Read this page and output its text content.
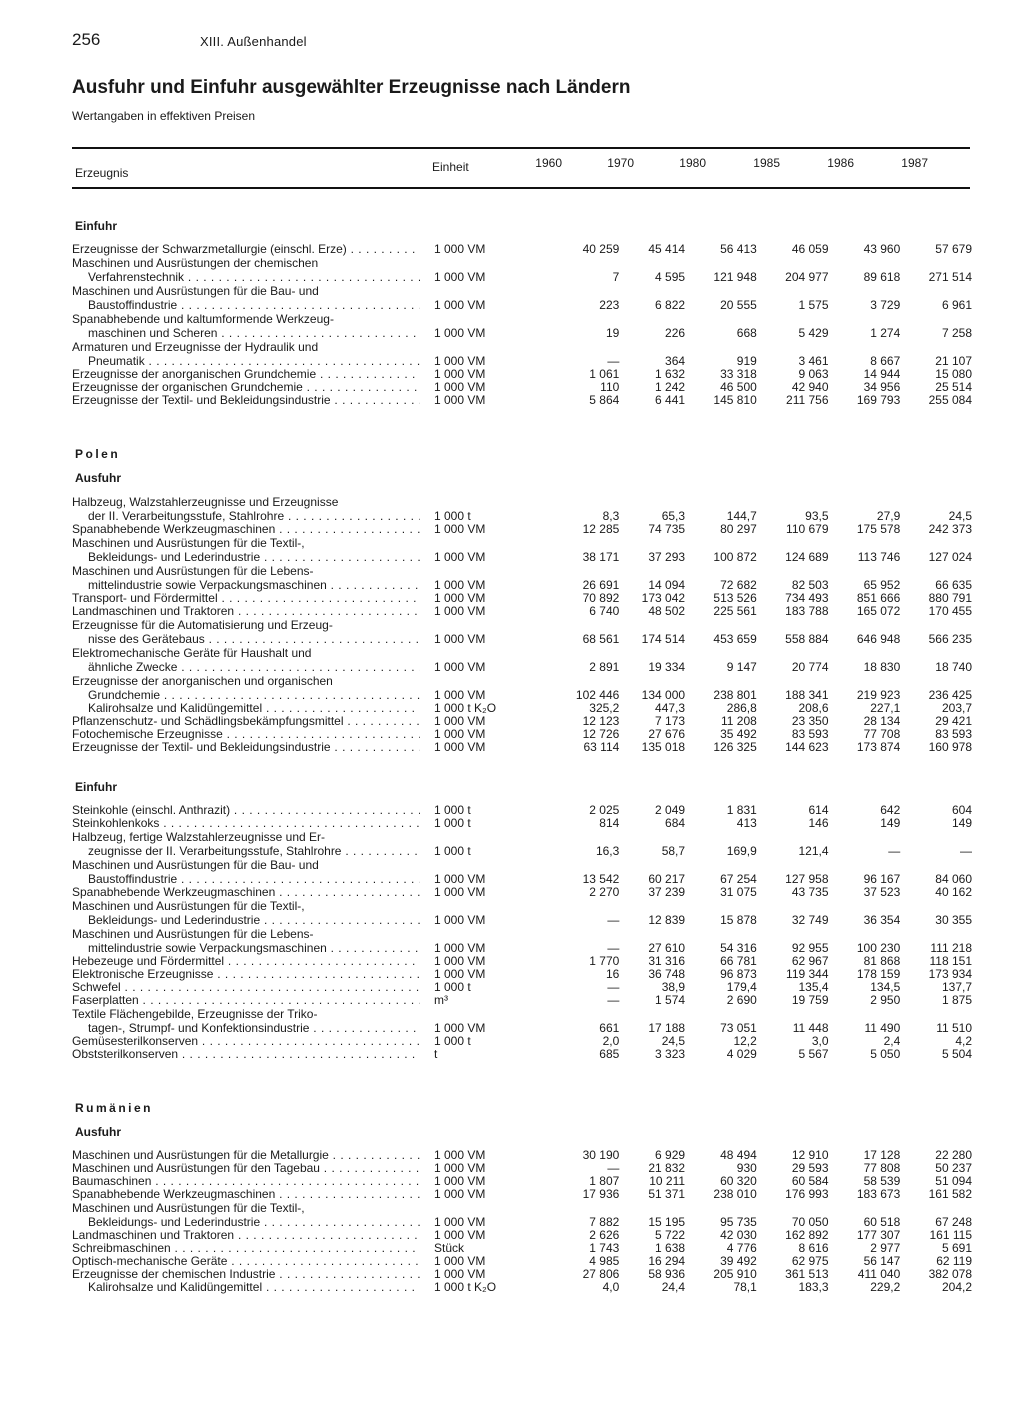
256	XIII. Außenhandel
Ausfuhr und Einfuhr ausgewählter Erzeugnisse nach Ländern
Wertangaben in effektiven Preisen
Erzeugnis	Einheit	1960	1970	1980	1985	1986	1987
Einfuhr
Erzeugnisse der Schwarzmetallurgie (einschl. Erze) . . .	1 000 VM	40 259	45 414	56 413	46 059	43 960	57 679
Maschinen und Ausrüstungen der chemischen
Verfahrenstechnik . . .	1 000 VM	7	4 595	121 948	204 977	89 618	271 514
Maschinen und Ausrüstungen für die Bau- und
Baustoffindustrie . . .	1 000 VM	223	6 822	20 555	1 575	3 729	6 961
Spanabhebende und kaltumformende Werkzeug-
maschinen und Scheren . . .	1 000 VM	19	226	668	5 429	1 274	7 258
Armaturen und Erzeugnisse der Hydraulik und
Pneumatik . . .	1 000 VM	—	364	919	3 461	8 667	21 107
Erzeugnisse der anorganischen Grundchemie . . .	1 000 VM	1 061	1 632	33 318	9 063	14 944	15 080
Erzeugnisse der organischen Grundchemie . . .	1 000 VM	110	1 242	46 500	42 940	34 956	25 514
Erzeugnisse der Textil- und Bekleidungsindustrie . . .	1 000 VM	5 864	6 441	145 810	211 756	169 793	255 084
Polen
Ausfuhr
Halbzeug, Walzstahlerzeugnisse und Erzeugnisse
der II. Verarbeitungsstufe, Stahlrohre . . .	1 000 t	8,3	65,3	144,7	93,5	27,9	24,5
Spanabhebende Werkzeugmaschinen . . .	1 000 VM	12 285	74 735	80 297	110 679	175 578	242 373
Maschinen und Ausrüstungen für die Textil-,
Bekleidungs- und Lederindustrie . . .	1 000 VM	38 171	37 293	100 872	124 689	113 746	127 024
Maschinen und Ausrüstungen für die Lebens-
mittelindustrie sowie Verpackungsmaschinen . . .	1 000 VM	26 691	14 094	72 682	82 503	65 952	66 635
Transport- und Fördermittel . . .	1 000 VM	70 892	173 042	513 526	734 493	851 666	880 791
Landmaschinen und Traktoren . . .	1 000 VM	6 740	48 502	225 561	183 788	165 072	170 455
Erzeugnisse für die Automatisierung und Erzeug-
nisse des Gerätebaus . . .	1 000 VM	68 561	174 514	453 659	558 884	646 948	566 235
Elektromechanische Geräte für Haushalt und
ähnliche Zwecke . . .	1 000 VM	2 891	19 334	9 147	20 774	18 830	18 740
Erzeugnisse der anorganischen und organischen
Grundchemie . . .	1 000 VM	102 446	134 000	238 801	188 341	219 923	236 425
Kalirohsalze und Kalidüngemittel . . .	1 000 t K₂O	325,2	447,3	286,8	208,6	227,1	203,7
Pflanzenschutz- und Schädlingsbekämpfungsmittel . . .	1 000 VM	12 123	7 173	11 208	23 350	28 134	29 421
Fotochemische Erzeugnisse . . .	1 000 VM	12 726	27 676	35 492	83 593	77 708	83 593
Erzeugnisse der Textil- und Bekleidungsindustrie . . .	1 000 VM	63 114	135 018	126 325	144 623	173 874	160 978
Einfuhr
Steinkohle (einschl. Anthrazit) . . .	1 000 t	2 025	2 049	1 831	614	642	604
Steinkohlenkoks . . .	1 000 t	814	684	413	146	149	149
Halbzeug, fertige Walzstahlerzeugnisse und Er-
zeugnisse der II. Verarbeitungsstufe, Stahlrohre . . .	1 000 t	16,3	58,7	169,9	121,4	—	—
Maschinen und Ausrüstungen für die Bau- und
Baustoffindustrie . . .	1 000 VM	13 542	60 217	67 254	127 958	96 167	84 060
Spanabhebende Werkzeugmaschinen . . .	1 000 VM	2 270	37 239	31 075	43 735	37 523	40 162
Maschinen und Ausrüstungen für die Textil-,
Bekleidungs- und Lederindustrie . . .	1 000 VM	—	12 839	15 878	32 749	36 354	30 355
Maschinen und Ausrüstungen für die Lebens-
mittelindustrie sowie Verpackungsmaschinen . . .	1 000 VM	—	27 610	54 316	92 955	100 230	111 218
Hebezeuge und Fördermittel . . .	1 000 VM	1 770	31 316	66 781	62 967	81 868	118 151
Elektronische Erzeugnisse . . .	1 000 VM	16	36 748	96 873	119 344	178 159	173 934
Schwefel . . .	1 000 t	—	38,9	179,4	135,4	134,5	137,7
Faserplatten . . .	m³	—	1 574	2 690	19 759	2 950	1 875
Textile Flächengebilde, Erzeugnisse der Triko-
tagen-, Strumpf- und Konfektionsindustrie . . .	1 000 VM	661	17 188	73 051	11 448	11 490	11 510
Gemüsesterilkonserven . . .	1 000 t	2,0	24,5	12,2	3,0	2,4	4,2
Obststerilkonserven . . .	t	685	3 323	4 029	5 567	5 050	5 504
Rumänien
Ausfuhr
Maschinen und Ausrüstungen für die Metallurgie . . .	1 000 VM	30 190	6 929	48 494	12 910	17 128	22 280
Maschinen und Ausrüstungen für den Tagebau . . .	1 000 VM	—	21 832	930	29 593	77 808	50 237
Baumaschinen . . .	1 000 VM	1 807	10 211	60 320	60 584	58 539	51 094
Spanabhebende Werkzeugmaschinen . . .	1 000 VM	17 936	51 371	238 010	176 993	183 673	161 582
Maschinen und Ausrüstungen für die Textil-,
Bekleidungs- und Lederindustrie . . .	1 000 VM	7 882	15 195	95 735	70 050	60 518	67 248
Landmaschinen und Traktoren . . .	1 000 VM	2 626	5 722	42 030	162 892	177 307	161 115
Schreibmaschinen . . .	Stück	1 743	1 638	4 776	8 616	2 977	5 691
Optisch-mechanische Geräte . . .	1 000 VM	4 985	16 294	39 492	62 975	56 147	62 119
Erzeugnisse der chemischen Industrie . . .	1 000 VM	27 806	58 936	205 910	361 513	411 040	382 078
Kalirohsalze und Kalidüngemittel . . .	1 000 t K₂O	4,0	24,4	78,1	183,3	229,2	204,2
